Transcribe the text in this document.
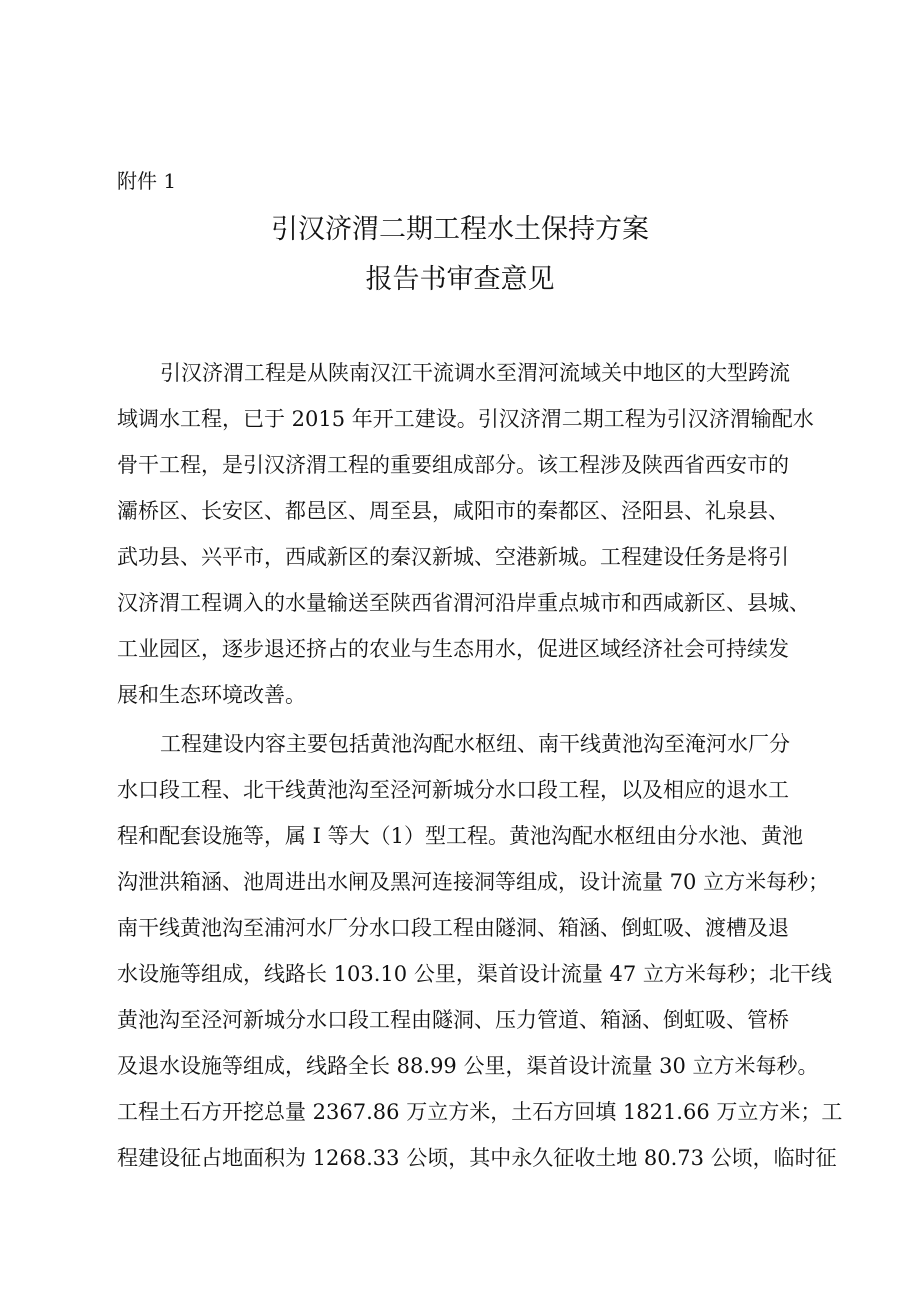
附件 1
引汉济渭二期工程水土保持方案
报告书审查意见
引汉济渭工程是从陕南汉江干流调水至渭河流域关中地区的大型跨流
域调水工程，已于 2015 年开工建设。引汉济渭二期工程为引汉济渭输配水
骨干工程，是引汉济渭工程的重要组成部分。该工程涉及陕西省西安市的
灞桥区、长安区、都邑区、周至县，咸阳市的秦都区、泾阳县、礼泉县、
武功县、兴平市，西咸新区的秦汉新城、空港新城。工程建设任务是将引
汉济渭工程调入的水量输送至陕西省渭河沿岸重点城市和西咸新区、县城、
工业园区，逐步退还挤占的农业与生态用水，促进区域经济社会可持续发
展和生态环境改善。
工程建设内容主要包括黄池沟配水枢纽、南干线黄池沟至淹河水厂分
水口段工程、北干线黄池沟至泾河新城分水口段工程，以及相应的退水工
程和配套设施等，属 I 等大（1）型工程。黄池沟配水枢纽由分水池、黄池
沟泄洪箱涵、池周进出水闸及黑河连接洞等组成，设计流量 70 立方米每秒；
南干线黄池沟至浦河水厂分水口段工程由隧洞、箱涵、倒虹吸、渡槽及退
水设施等组成，线路长 103.10 公里，渠首设计流量 47 立方米每秒；北干线
黄池沟至泾河新城分水口段工程由隧洞、压力管道、箱涵、倒虹吸、管桥
及退水设施等组成，线路全长 88.99 公里，渠首设计流量 30 立方米每秒。
工程土石方开挖总量 2367.86 万立方米，土石方回填 1821.66 万立方米；工
程建设征占地面积为 1268.33 公顷，其中永久征收土地 80.73 公顷，临时征
